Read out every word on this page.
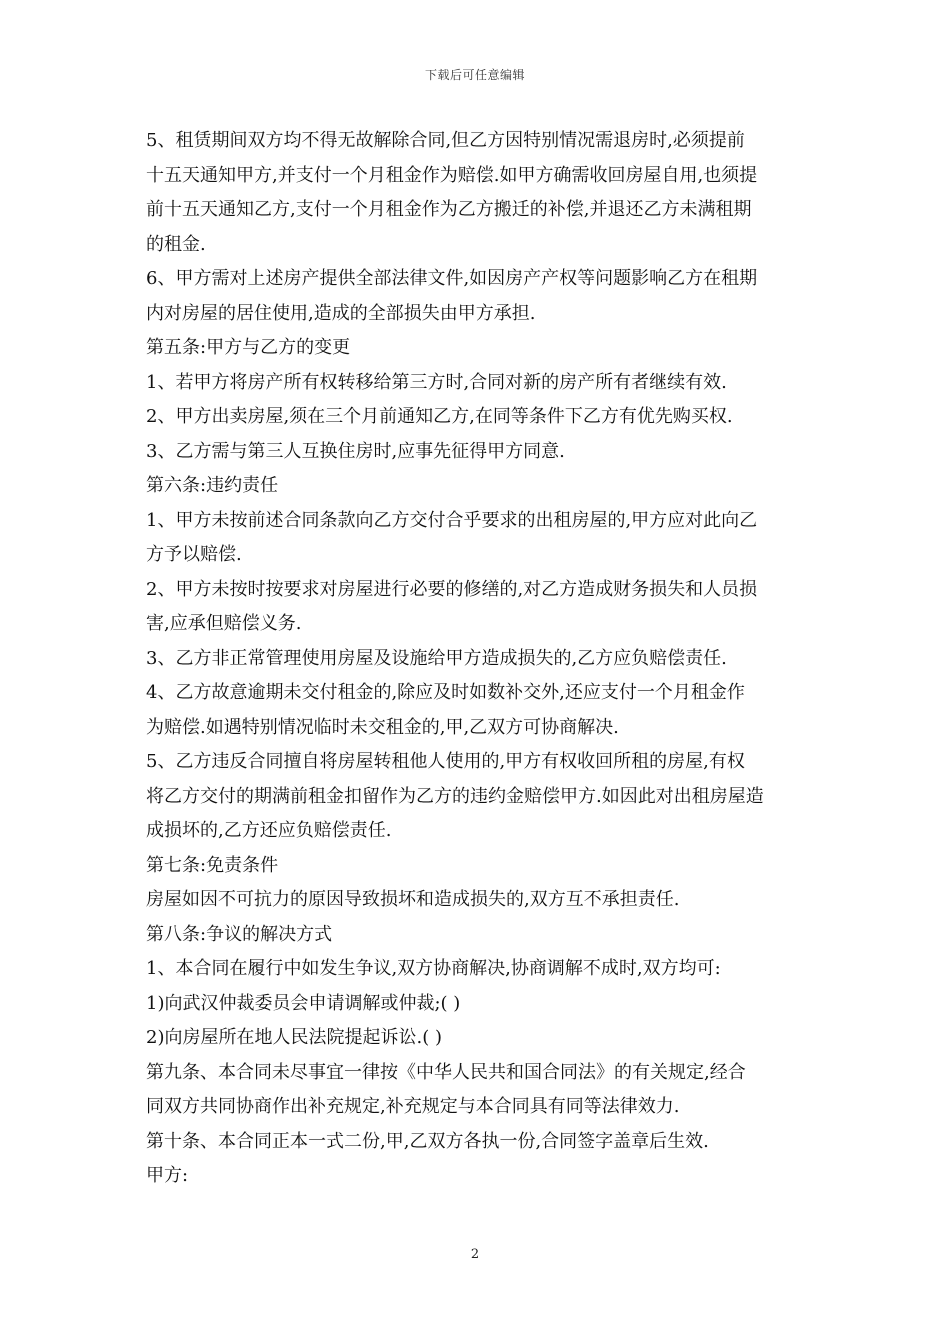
下载后可任意编辑
5、租赁期间双方均不得无故解除合同,但乙方因特别情况需退房时,必须提前
十五天通知甲方,并支付一个月租金作为赔偿.如甲方确需收回房屋自用,也须提
前十五天通知乙方,支付一个月租金作为乙方搬迁的补偿,并退还乙方未满租期
的租金.
6、甲方需对上述房产提供全部法律文件,如因房产产权等问题影响乙方在租期
内对房屋的居住使用,造成的全部损失由甲方承担.
第五条:甲方与乙方的变更
1、若甲方将房产所有权转移给第三方时,合同对新的房产所有者继续有效.
2、甲方出卖房屋,须在三个月前通知乙方,在同等条件下乙方有优先购买权.
3、乙方需与第三人互换住房时,应事先征得甲方同意.
第六条:违约责任
1、甲方未按前述合同条款向乙方交付合乎要求的出租房屋的,甲方应对此向乙
方予以赔偿.
2、甲方未按时按要求对房屋进行必要的修缮的,对乙方造成财务损失和人员损
害,应承但赔偿义务.
3、乙方非正常管理使用房屋及设施给甲方造成损失的,乙方应负赔偿责任.
4、乙方故意逾期未交付租金的,除应及时如数补交外,还应支付一个月租金作
为赔偿.如遇特别情况临时未交租金的,甲,乙双方可协商解决.
5、乙方违反合同擅自将房屋转租他人使用的,甲方有权收回所租的房屋,有权
将乙方交付的期满前租金扣留作为乙方的违约金赔偿甲方.如因此对出租房屋造
成损坏的,乙方还应负赔偿责任.
第七条:免责条件
房屋如因不可抗力的原因导致损坏和造成损失的,双方互不承担责任.
第八条:争议的解决方式
1、本合同在履行中如发生争议,双方协商解决,协商调解不成时,双方均可:
1)向武汉仲裁委员会申请调解或仲裁;( )
2)向房屋所在地人民法院提起诉讼.( )
第九条、本合同未尽事宜一律按《中华人民共和国合同法》的有关规定,经合
同双方共同协商作出补充规定,补充规定与本合同具有同等法律效力.
第十条、本合同正本一式二份,甲,乙双方各执一份,合同签字盖章后生效.
甲方:
2
